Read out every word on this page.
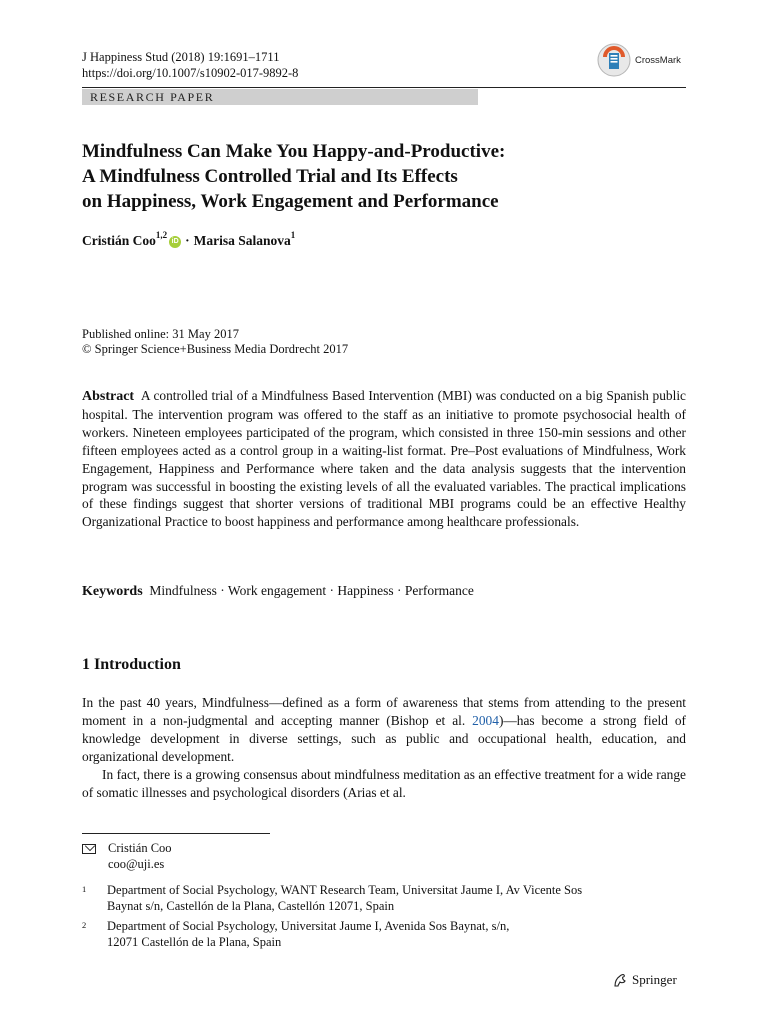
J Happiness Stud (2018) 19:1691–1711
https://doi.org/10.1007/s10902-017-9892-8
CrossMark
RESEARCH PAPER
Mindfulness Can Make You Happy-and-Productive:
A Mindfulness Controlled Trial and Its Effects
on Happiness, Work Engagement and Performance
Cristián Coo$^{1,2}$
iD · Marisa Salanova$^1$
Published online: 31 May 2017
© Springer Science+Business Media Dordrecht 2017
Abstract A controlled trial of a Mindfulness Based Intervention (MBI) was conducted on a big Spanish public hospital. The intervention program was offered to the staff as an initiative to promote psychosocial health of workers. Nineteen employees participated of the program, which consisted in three 150-min sessions and other fifteen employees acted as a control group in a waiting-list format. Pre–Post evaluations of Mindfulness, Work Engagement, Happiness and Performance where taken and the data analysis suggests that the intervention program was successful in boosting the existing levels of all the evaluated variables. The practical implications of these findings suggest that shorter versions of traditional MBI programs could be an effective Healthy Organizational Practice to boost happiness and performance among healthcare professionals.
Keywords Mindfulness · Work engagement · Happiness · Performance
1 Introduction
In the past 40 years, Mindfulness—defined as a form of awareness that stems from attending to the present moment in a non-judgmental and accepting manner (Bishop et al. 2004)—has become a strong field of knowledge development in diverse settings, such as public and occupational health, education, and organizational development.
In fact, there is a growing consensus about mindfulness meditation as an effective treatment for a wide range of somatic illnesses and psychological disorders (Arias et al.
Cristián Coo
coo@uji.es
1	Department of Social Psychology, WANT Research Team, Universitat Jaume I, Av Vicente Sos
Baynat s/n, Castellón de la Plana, Castellón 12071, Spain
2	Department of Social Psychology, Universitat Jaume I, Avenida Sos Baynat, s/n,
12071 Castellón de la Plana, Spain
Springer
